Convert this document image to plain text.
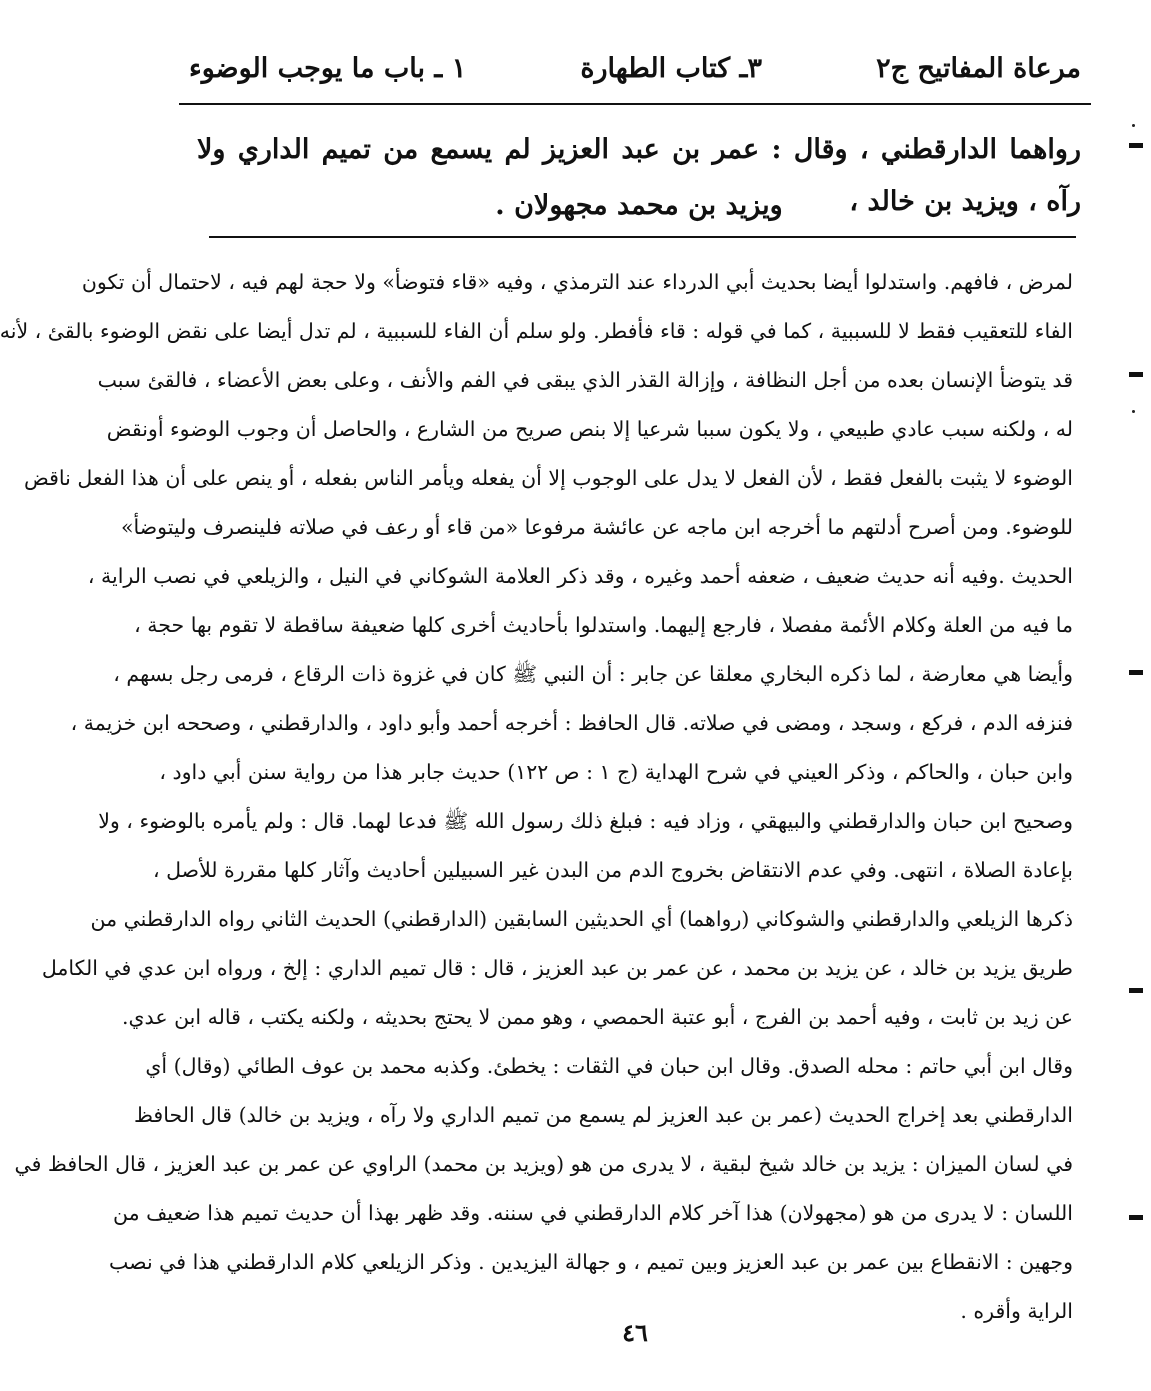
مرعاة المفاتيح ج٢
٣ـ كتاب الطهارة
١ ـ باب ما يوجب الوضوء
رواهما الدارقطني ، وقال : عمر بن عبد العزيز لم يسمع من تميم الداري ولا رآه ، ويزيد بن خالد ،
ويزيد بن محمد مجهولان .
لمرض ، فافهم. واستدلوا أيضا بحديث أبي الدرداء عند الترمذي ، وفيه «قاء فتوضأ» ولا حجة لهم فيه ، لاحتمال أن تكون
الفاء للتعقيب فقط لا للسببية ، كما في قوله : قاء فأفطر. ولو سلم أن الفاء للسببية ، لم تدل أيضا على نقض الوضوء بالقئ ، لأنه
قد يتوضأ الإنسان بعده من أجل النظافة ، وإزالة القذر الذي يبقى في الفم والأنف ، وعلى بعض الأعضاء ، فالقئ سبب
له ، ولكنه سبب عادي طبيعي ، ولا يكون سببا شرعيا إلا بنص صريح من الشارع ، والحاصل أن وجوب الوضوء أونقض
الوضوء لا يثبت بالفعل فقط ، لأن الفعل لا يدل على الوجوب إلا أن يفعله ويأمر الناس بفعله ، أو ينص على أن هذا الفعل ناقض
للوضوء. ومن أصرح أدلتهم ما أخرجه ابن ماجه عن عائشة مرفوعا «من قاء أو رعف في صلاته فلينصرف وليتوضأ»
الحديث .وفيه أنه حديث ضعيف ، ضعفه أحمد وغيره ، وقد ذكر العلامة الشوكاني في النيل ، والزيلعي في نصب الراية ،
ما فيه من العلة وكلام الأئمة مفصلا ، فارجع إليهما. واستدلوا بأحاديث أخرى كلها ضعيفة ساقطة لا تقوم بها حجة ،
وأيضا هي معارضة ، لما ذكره البخاري معلقا عن جابر : أن النبي ﷺ كان في غزوة ذات الرقاع ، فرمى رجل بسهم ،
فنزفه الدم ، فركع ، وسجد ، ومضى في صلاته. قال الحافظ : أخرجه أحمد وأبو داود ، والدارقطني ، وصححه ابن خزيمة ،
وابن حبان ، والحاكم ، وذكر العيني في شرح الهداية (ج ١ : ص ١٢٢) حديث جابر هذا من رواية سنن أبي داود ،
وصحيح ابن حبان والدارقطني والبيهقي ، وزاد فيه : فبلغ ذلك رسول الله ﷺ فدعا لهما. قال : ولم يأمره بالوضوء ، ولا
بإعادة الصلاة ، انتهى. وفي عدم الانتقاض بخروج الدم من البدن غير السبيلين أحاديث وآثار كلها مقررة للأصل ،
ذكرها الزيلعي والدارقطني والشوكاني (رواهما) أي الحديثين السابقين (الدارقطني) الحديث الثاني رواه الدارقطني من
طريق يزيد بن خالد ، عن يزيد بن محمد ، عن عمر بن عبد العزيز ، قال : قال تميم الداري : إلخ ، ورواه ابن عدي في الكامل
عن زيد بن ثابت ، وفيه أحمد بن الفرج ، أبو عتبة الحمصي ، وهو ممن لا يحتج بحديثه ، ولكنه يكتب ، قاله ابن عدي.
وقال ابن أبي حاتم : محله الصدق. وقال ابن حبان في الثقات : يخطئ. وكذبه محمد بن عوف الطائي (وقال) أي
الدارقطني بعد إخراج الحديث (عمر بن عبد العزيز لم يسمع من تميم الداري ولا رآه ، ويزيد بن خالد) قال الحافظ
في لسان الميزان : يزيد بن خالد شيخ لبقية ، لا يدرى من هو (ويزيد بن محمد) الراوي عن عمر بن عبد العزيز ، قال الحافظ في
اللسان : لا يدرى من هو (مجهولان) هذا آخر كلام الدارقطني في سننه. وقد ظهر بهذا أن حديث تميم هذا ضعيف من
وجهين : الانقطاع بين عمر بن عبد العزيز وبين تميم ، و جهالة اليزيدين . وذكر الزيلعي كلام الدارقطني هذا في نصب
الراية وأقره .
٤٦
